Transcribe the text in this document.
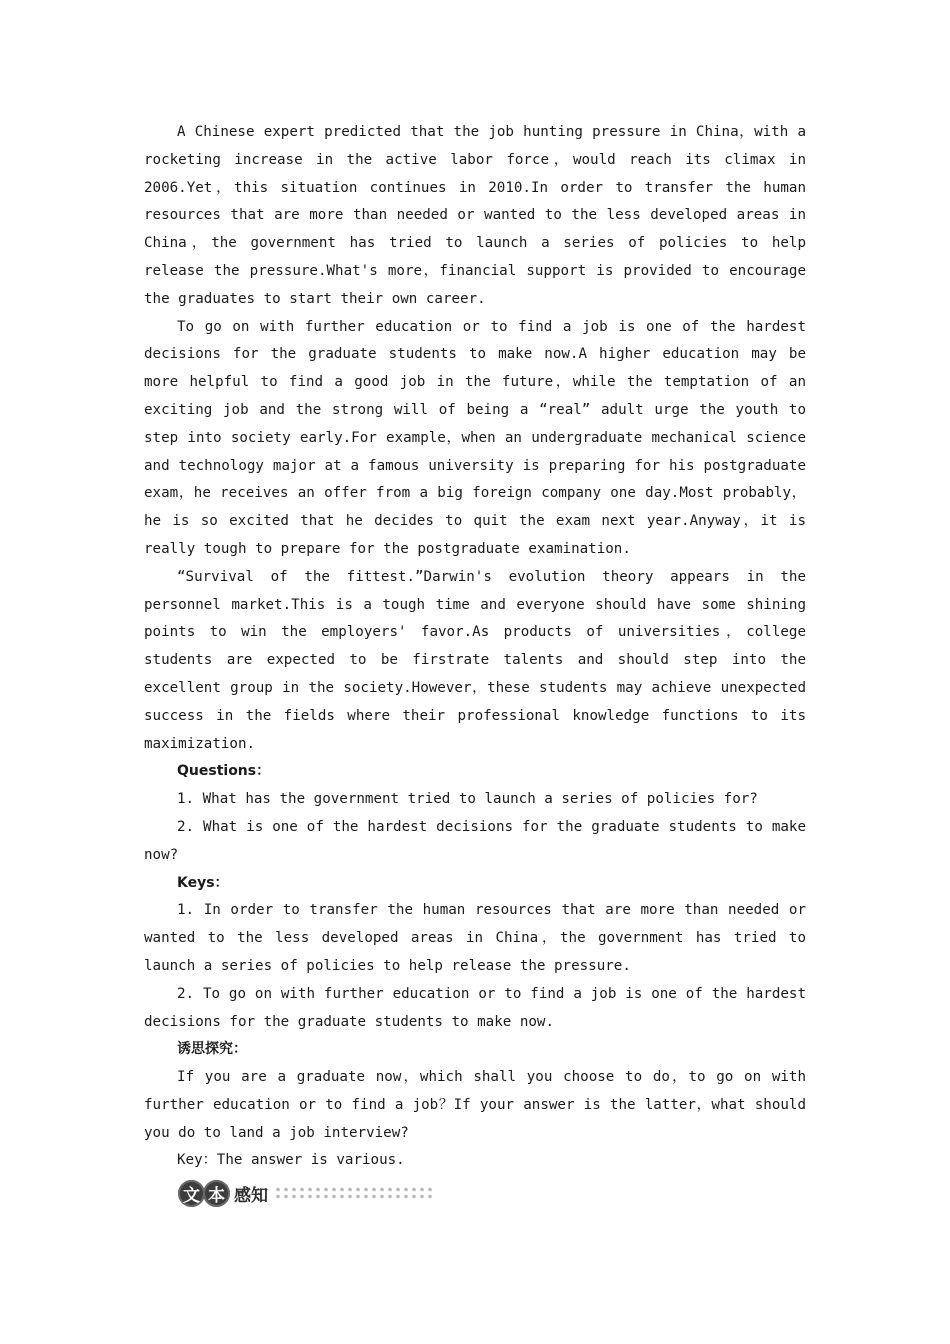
A Chinese expert predicted that the job hunting pressure in China，with a rocketing increase in the active labor force，would reach its climax in 2006.Yet，this situation continues in 2010.In order to transfer the human resources that are more than needed or wanted to the less developed areas in China，the government has tried to launch a series of policies to help release the pressure.What's more，financial support is provided to encourage the graduates to start their own career.

To go on with further education or to find a job is one of the hardest decisions for the graduate students to make now.A higher education may be more helpful to find a good job in the future，while the temptation of an exciting job and the strong will of being a “real” adult urge the youth to step into society early.For example，when an undergraduate mechanical science and technology major at a famous university is preparing for his postgraduate exam，he receives an offer from a big foreign company one day.Most probably，he is so excited that he decides to quit the exam next year.Anyway，it is really tough to prepare for the postgraduate examination.

“Survival of the fittest.”Darwin's evolution theory appears in the personnel market.This is a tough time and everyone should have some shining points to win the employers' favor.As products of universities，college students are expected to be firstrate talents and should step into the excellent group in the society.However，these students may achieve unexpected success in the fields where their professional knowledge functions to its maximization.

Questions：

1. What has the government tried to launch a series of policies for?

2. What is one of the hardest decisions for the graduate students to make now?

Keys：

1. In order to transfer the human resources that are more than needed or wanted to the less developed areas in China，the government has tried to launch a series of policies to help release the pressure.

2. To go on with further education or to find a job is one of the hardest decisions for the graduate students to make now.

诱思探究：

If you are a graduate now，which shall you choose to do，to go on with further education or to find a job？If your answer is the latter，what should you do to land a job interview?

Key：The answer is various.

文 本 感知
